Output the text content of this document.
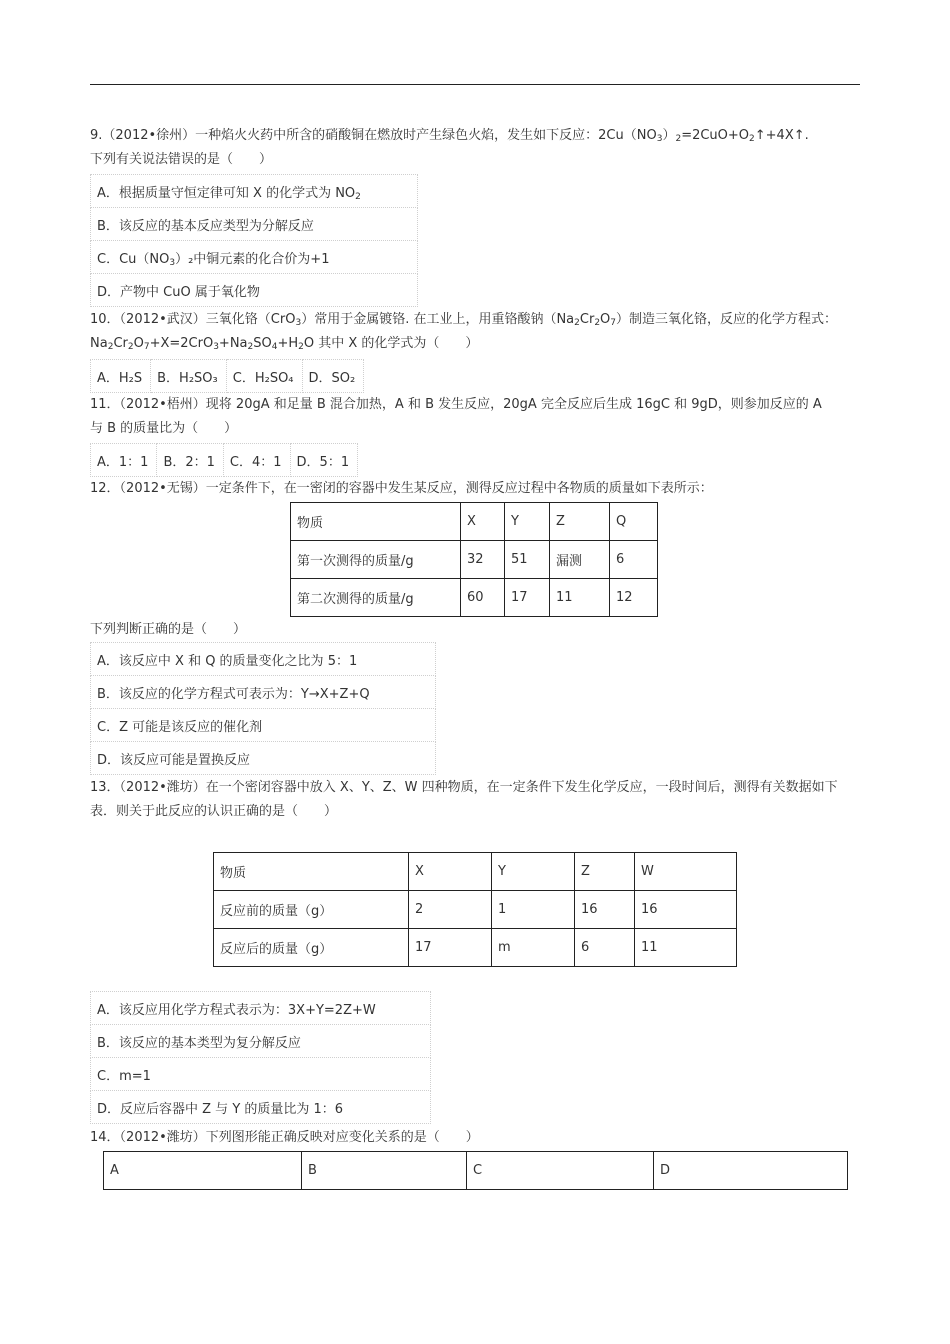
9.（2012•徐州）一种焰火火药中所含的硝酸铜在燃放时产生绿色火焰，发生如下反应：$2Cu(NO_3)_2=2CuO+O_2↑+4X↑$.
下列有关说法错误的是（　　）
A．根据质量守恒定律可知 X 的化学式为 $NO_2$
B．该反应的基本反应类型为分解反应
C．$Cu(NO_3)_2$中铜元素的化合价为+1
D．产物中 CuO 属于氧化物
10．（2012•武汉）三氧化铬（CrO$_3$）常用于金属镀铬. 在工业上，用重铬酸钠$(Na_2Cr_2O_7)$制造三氧化铬，反应的化学方程式：
$Na_2Cr_2O_7+X=2CrO_3+Na_2SO_4+H_2O$ 其中 X 的化学式为（　　）
A．H₂S	B．H₂SO₃	C．H₂SO₄	D．SO₂
11．（2012•梧州）现将 20gA 和足量 B 混合加热，A 和 B 发生反应，20gA 完全反应后生成 16gC 和 9gD，则参加反应的 A
与 B 的质量比为（　　）
A．1：1	B．2：1	C．4：1	D．5：1
12．（2012•无锡）一定条件下，在一密闭的容器中发生某反应，测得反应过程中各物质的质量如下表所示：
物质	X	Y	Z	Q
第一次测得的质量/g	32	51	漏测	6
第二次测得的质量/g	60	17	11	12
下列判断正确的是（　　）
A．该反应中 X 和 Q 的质量变化之比为 5：1
B．该反应的化学方程式可表示为：Y→X+Z+Q
C．Z 可能是该反应的催化剂
D．该反应可能是置换反应
13．（2012•潍坊）在一个密闭容器中放入 X、Y、Z、W 四种物质，在一定条件下发生化学反应，一段时间后，测得有关数据如下
表．则关于此反应的认识正确的是（　　）
物质	X	Y	Z	W
反应前的质量（g）	2	1	16	16
反应后的质量（g）	17	m	6	11
A．该反应用化学方程式表示为：3X+Y=2Z+W
B．该反应的基本类型为复分解反应
C．m=1
D．反应后容器中 Z 与 Y 的质量比为 1：6
14．（2012•潍坊）下列图形能正确反映对应变化关系的是（　　）
A	B	C	D
